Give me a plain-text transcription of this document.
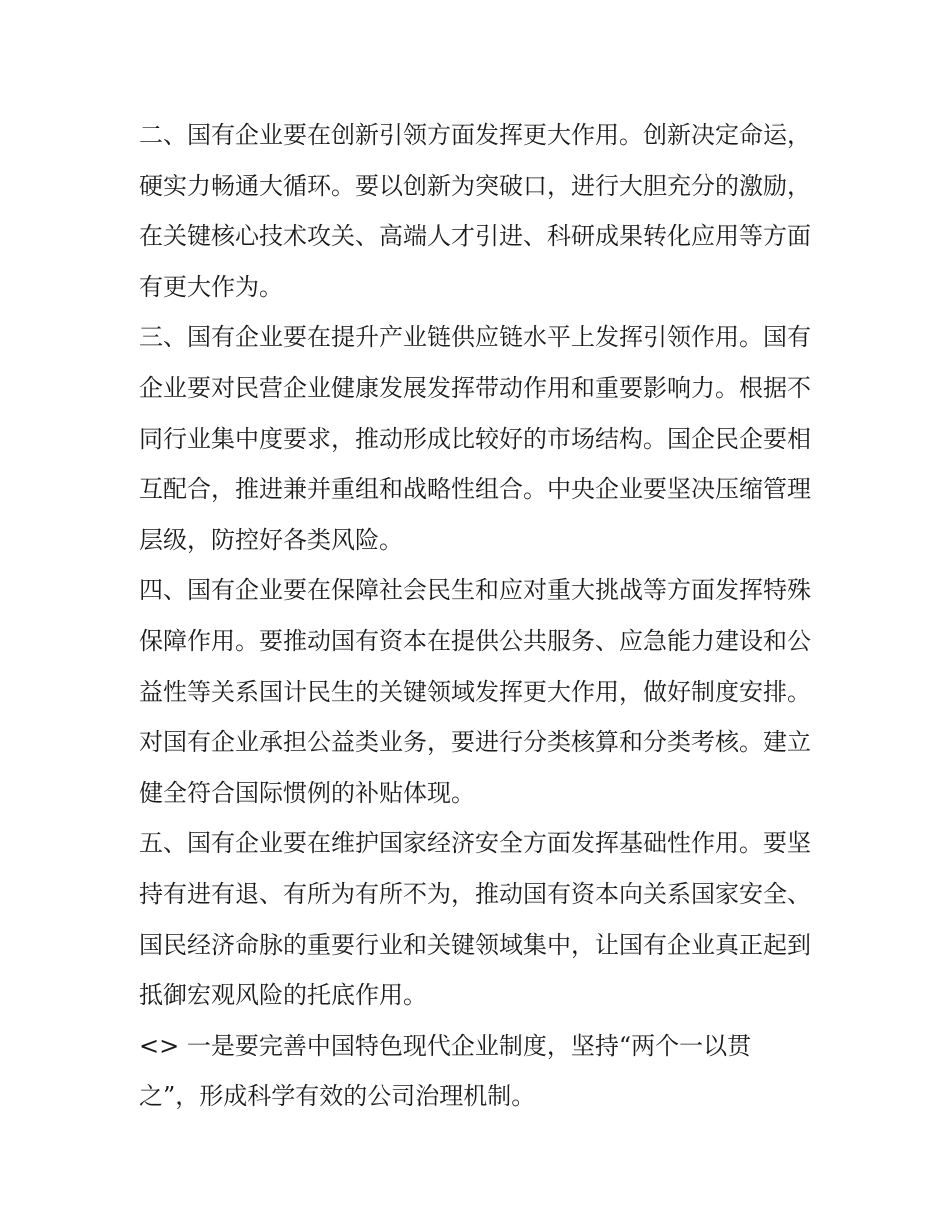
二、国有企业要在创新引领方面发挥更大作用。创新决定命运，硬实力畅通大循环。要以创新为突破口，进行大胆充分的激励，在关键核心技术攻关、高端人才引进、科研成果转化应用等方面有更大作为。

三、国有企业要在提升产业链供应链水平上发挥引领作用。国有企业要对民营企业健康发展发挥带动作用和重要影响力。根据不同行业集中度要求，推动形成比较好的市场结构。国企民企要相互配合，推进兼并重组和战略性组合。中央企业要坚决压缩管理层级，防控好各类风险。

四、国有企业要在保障社会民生和应对重大挑战等方面发挥特殊保障作用。要推动国有资本在提供公共服务、应急能力建设和公益性等关系国计民生的关键领域发挥更大作用，做好制度安排。对国有企业承担公益类业务，要进行分类核算和分类考核。建立健全符合国际惯例的补贴体现。

五、国有企业要在维护国家经济安全方面发挥基础性作用。要坚持有进有退、有所为有所不为，推动国有资本向关系国家安全、国民经济命脉的重要行业和关键领域集中，让国有企业真正起到抵御宏观风险的托底作用。

<> 一是要完善中国特色现代企业制度，坚持“两个一以贯
之”，形成科学有效的公司治理机制。
